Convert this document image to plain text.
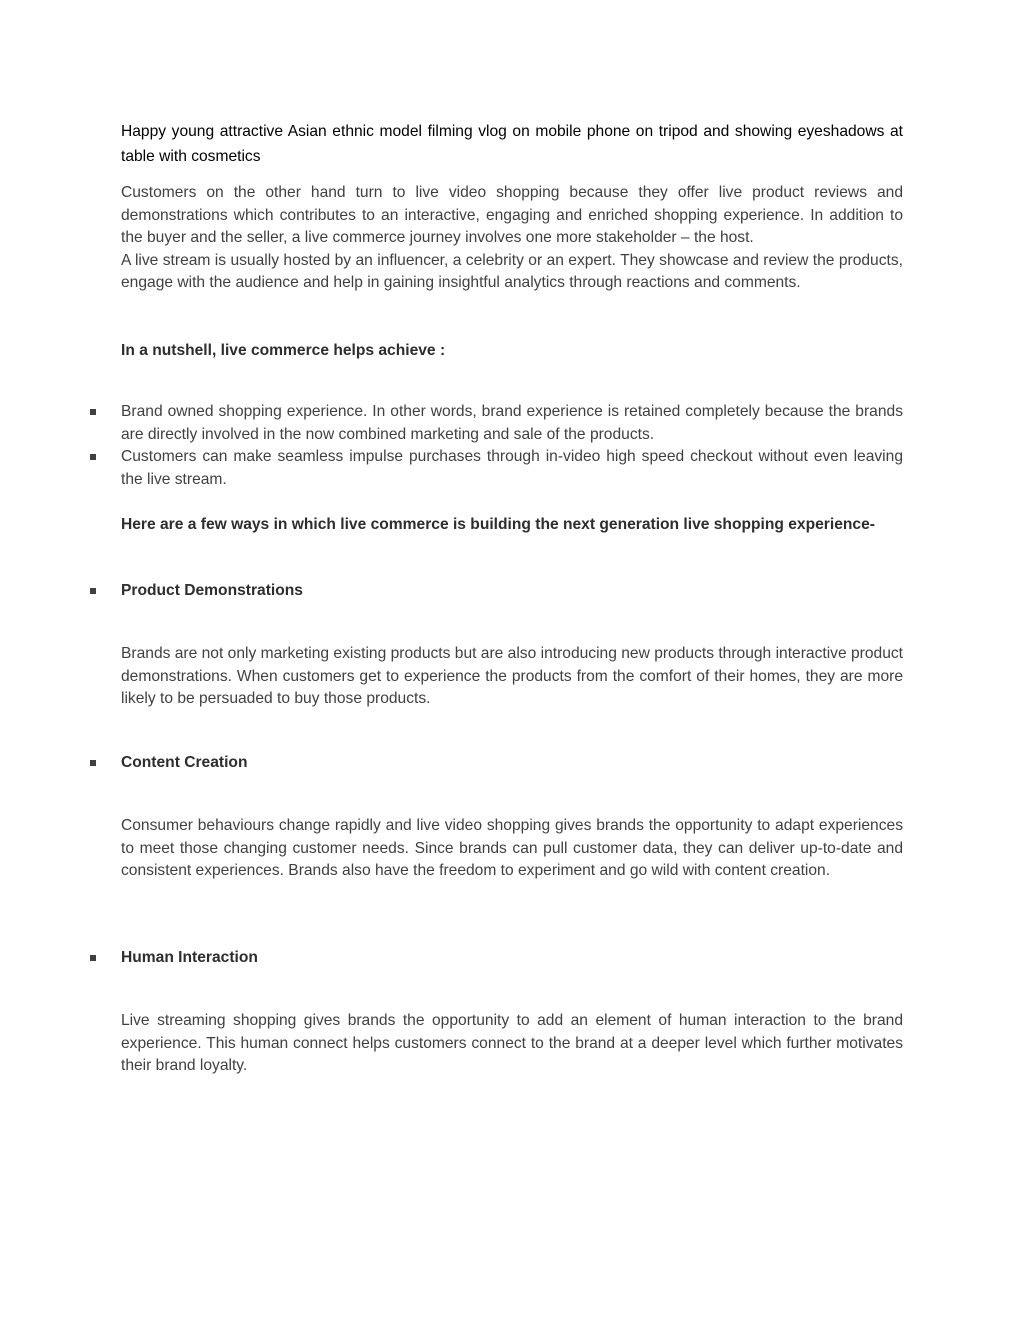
Happy young attractive Asian ethnic model filming vlog on mobile phone on tripod and showing eyeshadows at table with cosmetics
Customers on the other hand turn to live video shopping because they offer live product reviews and demonstrations which contributes to an interactive, engaging and enriched shopping experience. In addition to the buyer and the seller, a live commerce journey involves one more stakeholder – the host.
A live stream is usually hosted by an influencer, a celebrity or an expert. They showcase and review the products, engage with the audience and help in gaining insightful analytics through reactions and comments.
In a nutshell, live commerce helps achieve :
Brand owned shopping experience. In other words, brand experience is retained completely because the brands are directly involved in the now combined marketing and sale of the products.
Customers can make seamless impulse purchases through in-video high speed checkout without even leaving the live stream.
Here are a few ways in which live commerce is building the next generation live shopping experience-
Product Demonstrations
Brands are not only marketing existing products but are also introducing new products through interactive product demonstrations. When customers get to experience the products from the comfort of their homes, they are more likely to be persuaded to buy those products.
Content Creation
Consumer behaviours change rapidly and live video shopping gives brands the opportunity to adapt experiences to meet those changing customer needs. Since brands can pull customer data, they can deliver up-to-date and consistent experiences. Brands also have the freedom to experiment and go wild with content creation.
Human Interaction
Live streaming shopping gives brands the opportunity to add an element of human interaction to the brand experience. This human connect helps customers connect to the brand at a deeper level which further motivates their brand loyalty.
